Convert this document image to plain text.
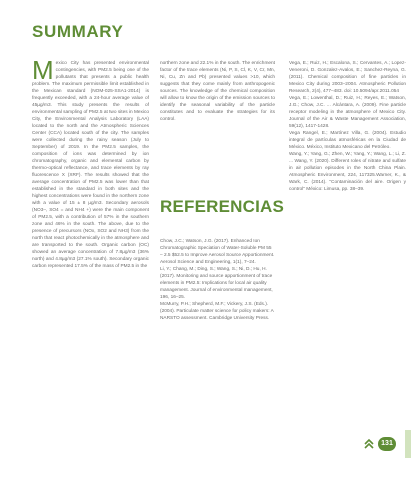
SUMMARY

Mexico City has presented environmental contingencies, with PM2.5 being one of the pollutants that presents a public health problem. The maximum permissible limit established in the Mexican standard (NOM-025-SSA1-2014) is frequently exceeded, with a 24-hour average value of 45µg/m3. This study presents the results of environmental sampling of PM2.5 at two sites in Mexico City, the Environmental Analysis Laboratory (LAA) located to the north and the Atmospheric Sciences Center (CCA) located south of the city. The samples were collected during the rainy season (July to September) of 2019. In the PM2.5 samples, the composition of ions was determined by ion chromatography, organic and elemental carbon by thermo-optical reflectance, and trace elements by ray fluorescence X (XRF). The results showed that the average concentration of PM2.5 was lower than that established in the standard in both sites and the highest concentrations were found in the northern zone with a value of 15 ± 8 µg/m3. Secondary aerosols (NO3–, SO4 = and NH4 +) were the main component of PM2.5, with a contribution of 57% in the southern zone and 46% in the south. The above, due to the presence of precursors (NOx, SO2 and NH3) from the north that react photochemically in the atmosphere and are transported to the south. Organic carbon (OC) showed an average concentration of 7.8µg/m3 (36% north) and 4.8µg/m3 (27.1% south). Secondary organic carbon represented 17.5% of the mass of PM2.5 in the

northern zone and 22.1% in the south. The enrichment factor of the trace elements (Ni, P, S, Cl, K, V, Cr, Mn, Ni, Cu, Zn and Pb) presented values >10, which suggests that they come mainly from anthropogenic sources. The knowledge of the chemical composition will allow to know the origin of the emission sources to identify the seasonal variability of the particle constitutes and to evaluate the strategies for its control.

REFERENCIAS

Chow, J.C.; Watson, J.G. (2017). Enhanced Ion Chromatographic Speciation of Water-Soluble PM 55 – 2.5 $52.5 to Improve Aerosol Source Apportionment. Aerosol Science and Engineering, 1(1), 7–24.

Li, Y.; Chang, M.; Ding, S.; Wang, S.; Ni, D.; Hu, H. (2017). Monitoring and source apportionment of trace elements in PM2.5: Implications for local air quality management. Journal of environmental management, 196, 16–25.

McMurry, P.H.; Shepherd, M.F.; Vickery, J.S. (Eds.). (2004). Particulate matter science for policy makers: A NARSTO assessment. Cambridge University Press.

Vega, E.; Ruiz, H.; Escalona, S.; Cervantes, A.; Lopez-Veneroni, D. Gonzalez-Avalos, E.; Sanchez-Reyna, G. (2011). Chemical composition of fine particles in Mexico City during 2003–2004. Atmospheric Pollution Research, 2(4), 477–483. doi: 10.5094/apr.2011.054

Vega, E.; Lowenthal, D.; Ruiz, H.; Reyes, E.; Watson, J.G.; Chow, J.C. ... Alcántara, A. (2009). Fine particle receptor modeling in the atmosphere of Mexico City. Journal of the Air & Waste Management Association, 59(12), 1417-1428.

Vega Rangel, E.; Martínez Villa, G. (2004). Estudio integral de partículas atmosféricas en la Ciudad de México. México, Instituto Mexicano del Petróleo.

Wang, Y.; Yang, G.; Zhen, W.; Yang, Y.; Wang, L.; Li, Z. ... Wang, Y. (2020). Different roles of nitrate and sulfate in air pollution episodes in the North China Plain. Atmospheric Environment, 224, 117325.Warner, K., & Wark, C. (2014). "Contaminación del aire. Origen y control" México: Limusa, pp. 38–39.

131
